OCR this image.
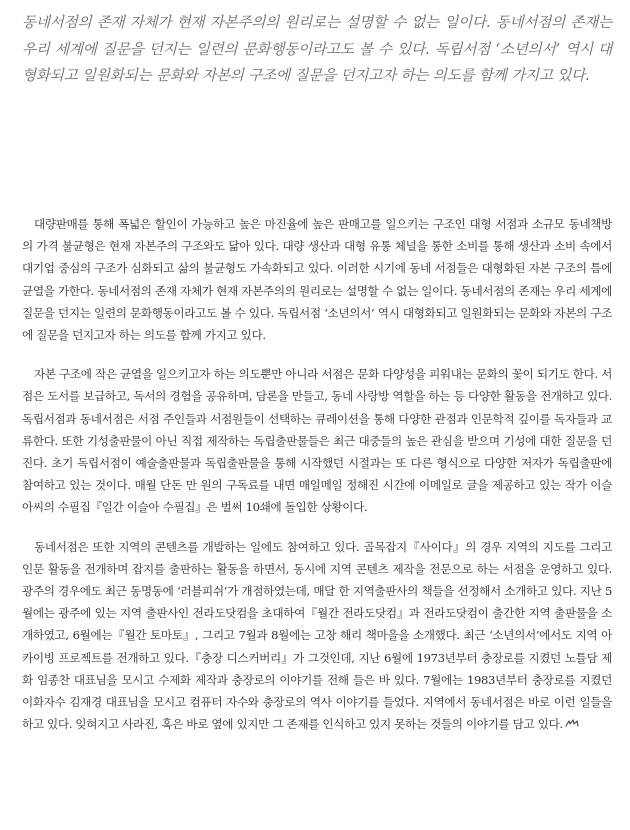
동네서점의 존재 자체가 현재 자본주의의 원리로는 설명할 수 없는 일이다. 동네서점의 존재는 우리 세계에 질문을 던지는 일련의 문화행동이라고도 볼 수 있다. 독립서점 ‘소년의서’ 역시 대형화되고 일원화되는 문화와 자본의 구조에 질문을 던지고자 하는 의도를 함께 가지고 있다.

대량판매를 통해 폭넓은 할인이 가능하고 높은 마진율에 높은 판매고를 일으키는 구조인 대형 서점과 소규모 동네책방의 가격 불균형은 현재 자본주의 구조와도 닮아 있다. 대량 생산과 대형 유통 체널을 통한 소비를 통해 생산과 소비 속에서 대기업 중심의 구조가 심화되고 삶의 불균형도 가속화되고 있다. 이러한 시기에 동네 서점들은 대형화된 자본 구조의 틈에 균열을 가한다. 동네서점의 존재 자체가 현재 자본주의의 원리로는 설명할 수 없는 일이다. 동네서점의 존재는 우리 세계에 질문을 던지는 일련의 문화행동이라고도 볼 수 있다. 독립서점 ‘소년의서’ 역시 대형화되고 일원화되는 문화와 자본의 구조에 질문을 던지고자 하는 의도를 함께 가지고 있다.

자본 구조에 작은 균열을 일으키고자 하는 의도뿐만 아니라 서점은 문화 다양성을 피워내는 문화의 꽃이 되기도 한다. 서점은 도서를 보급하고, 독서의 경험을 공유하며, 담론을 만들고, 동네 사랑방 역할을 하는 등 다양한 활동을 전개하고 있다. 독립서점과 동네서점은 서점 주인들과 서점원들이 선택하는 큐레이션을 통해 다양한 관점과 인문학적 깊이를 독자들과 교류한다. 또한 기성출판물이 아닌 직접 제작하는 독립출판물들은 최근 대중들의 높은 관심을 받으며 기성에 대한 질문을 던진다. 초기 독립서점이 예술출판물과 독립출판물을 통해 시작했던 시절과는 또 다른 형식으로 다양한 저자가 독립출판에 참여하고 있는 것이다. 매월 단돈 만 원의 구독료를 내면 매일메일 정해진 시간에 이메일로 글을 제공하고 있는 작가 이슬아씨의 수필집『일간 이슬아 수필집』은 벌써 10쇄에 돌입한 상황이다.

동네서점은 또한 지역의 콘텐츠를 개발하는 일에도 참여하고 있다. 골목잡지『사이다』의 경우 지역의 지도를 그리고 인문 활동을 전개하며 잡지를 출판하는 활동을 하면서, 동시에 지역 콘텐츠 제작을 전문으로 하는 서점을 운영하고 있다. 광주의 경우에도 최근 동명동에 ‘러블피쉬’가 개점하였는데, 매달 한 지역출판사의 책들을 선정해서 소개하고 있다. 지난 5월에는 광주에 있는 지역 출판사인 전라도닷컴을 초대하여『월간 전라도닷컴』과 전라도닷컴이 출간한 지역 출판물을 소개하였고, 6월에는『월간 토마토』, 그리고 7월과 8월에는 고창 해리 책마을을 소개했다. 최근 ‘소년의서’에서도 지역 아카이빙 프로젝트를 전개하고 있다.『충장 디스커버리』가 그것인데, 지난 6월에 1973년부터 충장로를 지켰던 노틀담 제화 임종찬 대표님을 모시고 수제화 제작과 충장로의 이야기를 전해 들은 바 있다. 7월에는 1983년부터 충장로를 지켰던 이화자수 김재경 대표님을 모시고 컴퓨터 자수와 충장로의 역사 이야기를 들었다. 지역에서 동네서점은 바로 이런 일들을 하고 있다. 잊혀지고 사라진, 혹은 바로 옆에 있지만 그 존재를 인식하고 있지 못하는 것들의 이야기를 담고 있다.
